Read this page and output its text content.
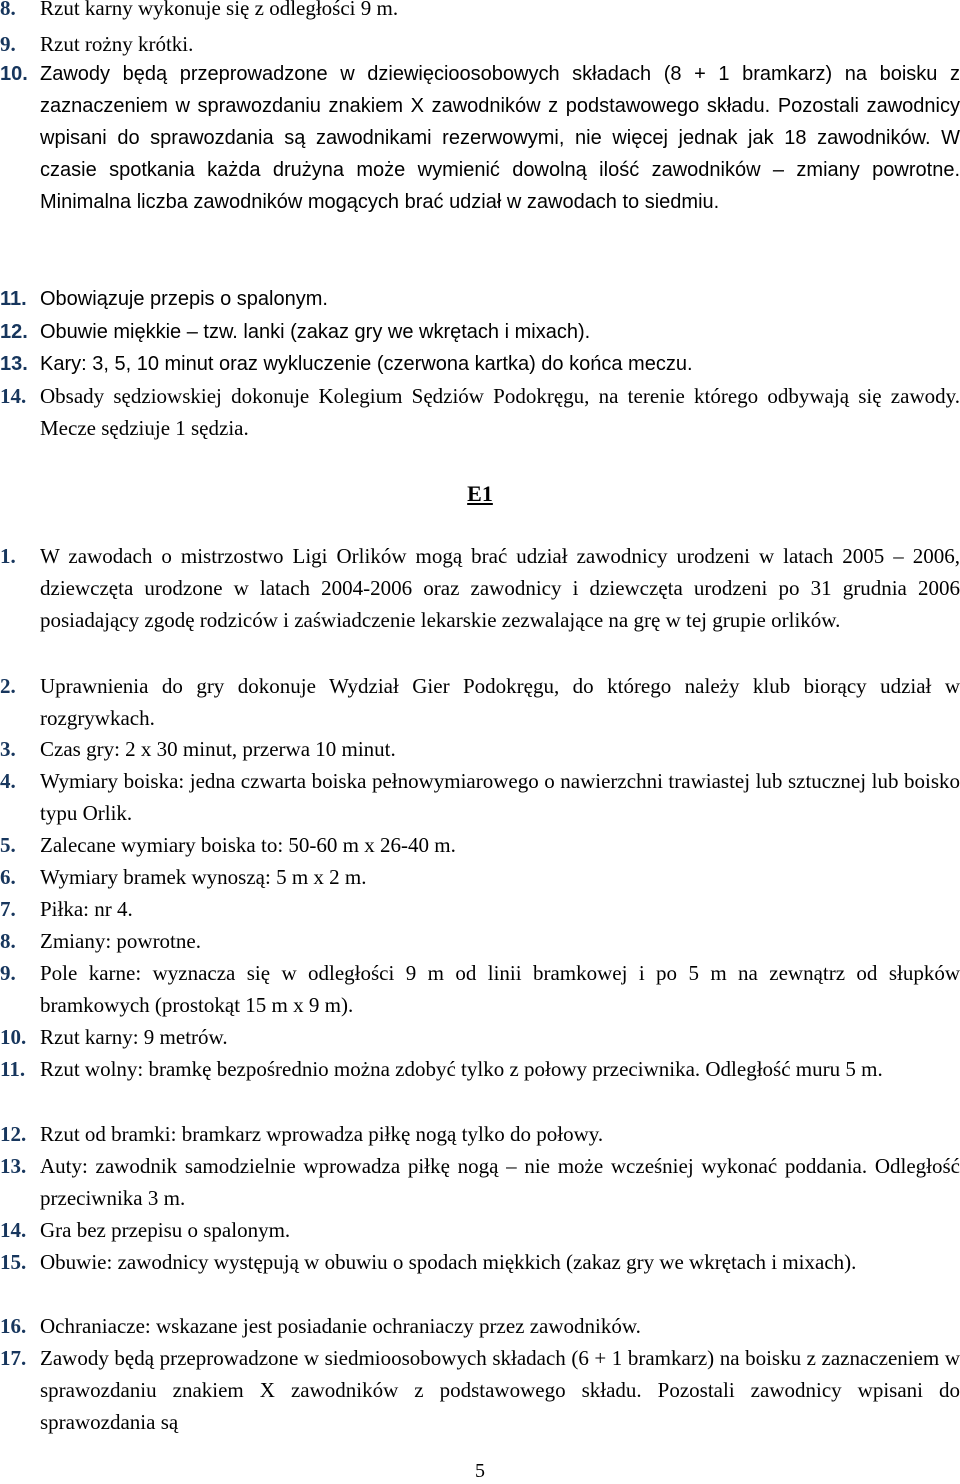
8. Rzut karny wykonuje się z odległości 9 m.
9. Rzut rożny krótki.
10. Zawody będą przeprowadzone w dziewięcioosobowych składach (8 + 1 bramkarz) na boisku z zaznaczeniem w sprawozdaniu znakiem X zawodników z podstawowego składu. Pozostali zawodnicy wpisani do sprawozdania są zawodnikami rezerwowymi, nie więcej jednak jak 18 zawodników. W czasie spotkania każda drużyna może wymienić dowolną ilość zawodników – zmiany powrotne. Minimalna liczba zawodników mogących brać udział w zawodach to siedmiu.
11. Obowiązuje przepis o spalonym.
12. Obuwie miękkie – tzw. lanki (zakaz gry we wkrętach i mixach).
13. Kary: 3, 5, 10 minut oraz wykluczenie (czerwona kartka) do końca meczu.
14. Obsady sędziowskiej dokonuje Kolegium Sędziów Podokręgu, na terenie którego odbywają się zawody. Mecze sędziuje 1 sędzia.
E1
1. W zawodach o mistrzostwo Ligi Orlików mogą brać udział zawodnicy urodzeni w latach 2005 – 2006, dziewczęta urodzone w latach 2004-2006 oraz zawodnicy i dziewczęta urodzeni po 31 grudnia 2006 posiadający zgodę rodziców i zaświadczenie lekarskie zezwalające na grę w tej grupie orlików.
2. Uprawnienia do gry dokonuje Wydział Gier Podokręgu, do którego należy klub biorący udział w rozgrywkach.
3. Czas gry: 2 x 30 minut, przerwa 10 minut.
4. Wymiary boiska: jedna czwarta boiska pełnowymiarowego o nawierzchni trawiastej lub sztucznej lub boisko typu Orlik.
5. Zalecane wymiary boiska to: 50-60 m x 26-40 m.
6. Wymiary bramek wynoszą: 5 m x 2 m.
7. Piłka: nr 4.
8. Zmiany: powrotne.
9. Pole karne: wyznacza się w odległości 9 m od linii bramkowej i po 5 m na zewnątrz od słupków bramkowych (prostokąt 15 m x 9 m).
10. Rzut karny: 9 metrów.
11. Rzut wolny: bramkę bezpośrednio można zdobyć tylko z połowy przeciwnika. Odległość muru 5 m.
12. Rzut od bramki: bramkarz wprowadza piłkę nogą tylko do połowy.
13. Auty: zawodnik samodzielnie wprowadza piłkę nogą – nie może wcześniej wykonać poddania. Odległość przeciwnika 3 m.
14. Gra bez przepisu o spalonym.
15. Obuwie: zawodnicy występują w obuwiu o spodach miękkich (zakaz gry we wkrętach i mixach).
16. Ochraniacze: wskazane jest posiadanie ochraniaczy przez zawodników.
17. Zawody będą przeprowadzone w siedmioosobowych składach (6 + 1 bramkarz) na boisku z zaznaczeniem w sprawozdaniu znakiem X zawodników z podstawowego składu. Pozostali zawodnicy wpisani do sprawozdania są
5
